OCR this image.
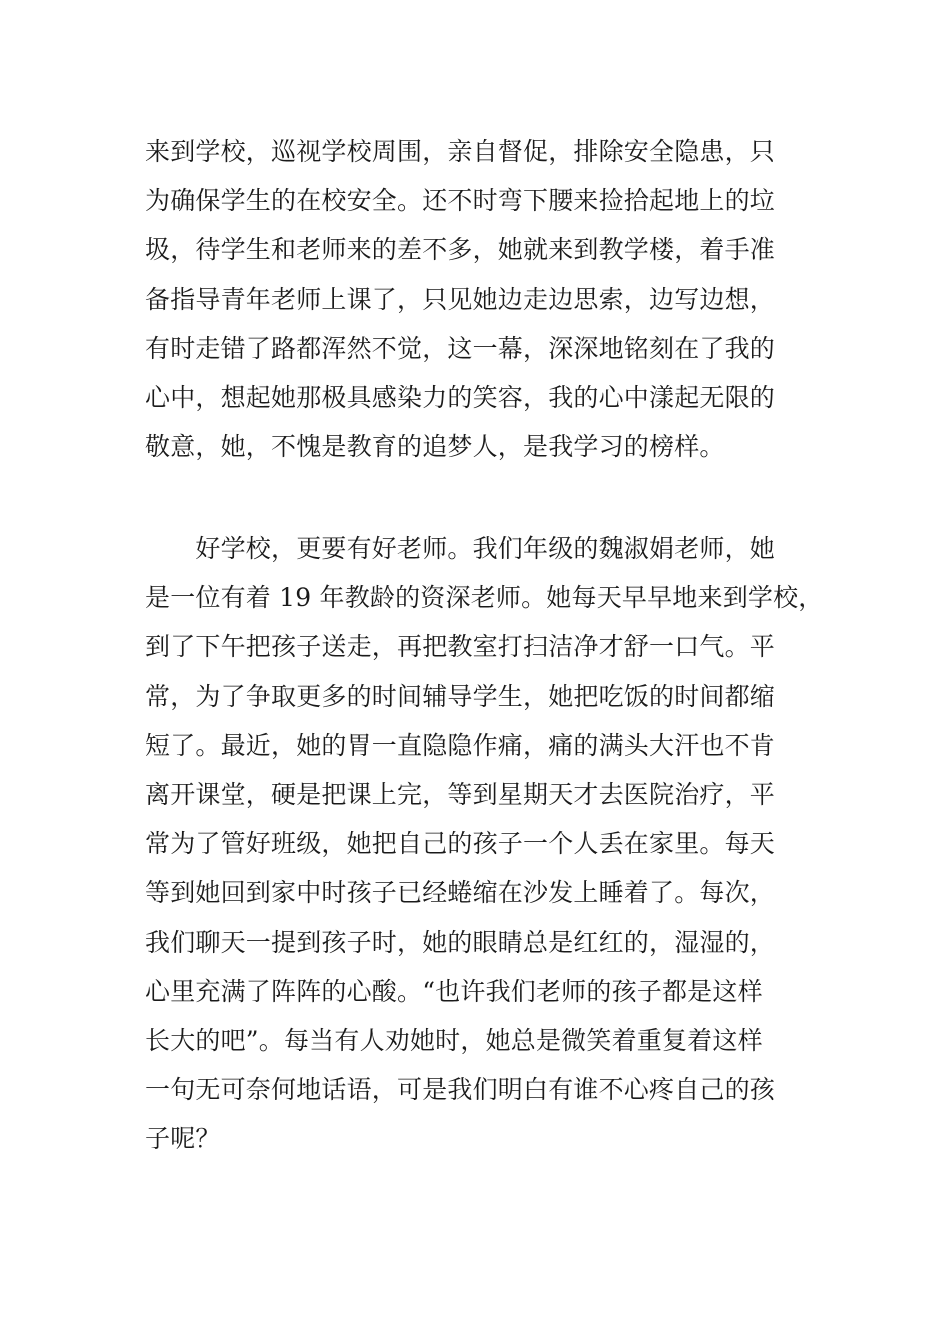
来到学校，巡视学校周围，亲自督促，排除安全隐患，只
为确保学生的在校安全。还不时弯下腰来捡拾起地上的垃
圾，待学生和老师来的差不多，她就来到教学楼，着手准
备指导青年老师上课了，只见她边走边思索，边写边想，
有时走错了路都浑然不觉，这一幕，深深地铭刻在了我的
心中，想起她那极具感染力的笑容，我的心中漾起无限的
敬意，她，不愧是教育的追梦人，是我学习的榜样。
　　好学校，更要有好老师。我们年级的魏淑娟老师，她
是一位有着 19 年教龄的资深老师。她每天早早地来到学校，
到了下午把孩子送走，再把教室打扫洁净才舒一口气。平
常，为了争取更多的时间辅导学生，她把吃饭的时间都缩
短了。最近，她的胃一直隐隐作痛，痛的满头大汗也不肯
离开课堂，硬是把课上完，等到星期天才去医院治疗，平
常为了管好班级，她把自己的孩子一个人丢在家里。每天
等到她回到家中时孩子已经蜷缩在沙发上睡着了。每次，
我们聊天一提到孩子时，她的眼睛总是红红的，湿湿的，
心里充满了阵阵的心酸。“也许我们老师的孩子都是这样
长大的吧”。每当有人劝她时，她总是微笑着重复着这样
一句无可奈何地话语，可是我们明白有谁不心疼自己的孩
子呢？
